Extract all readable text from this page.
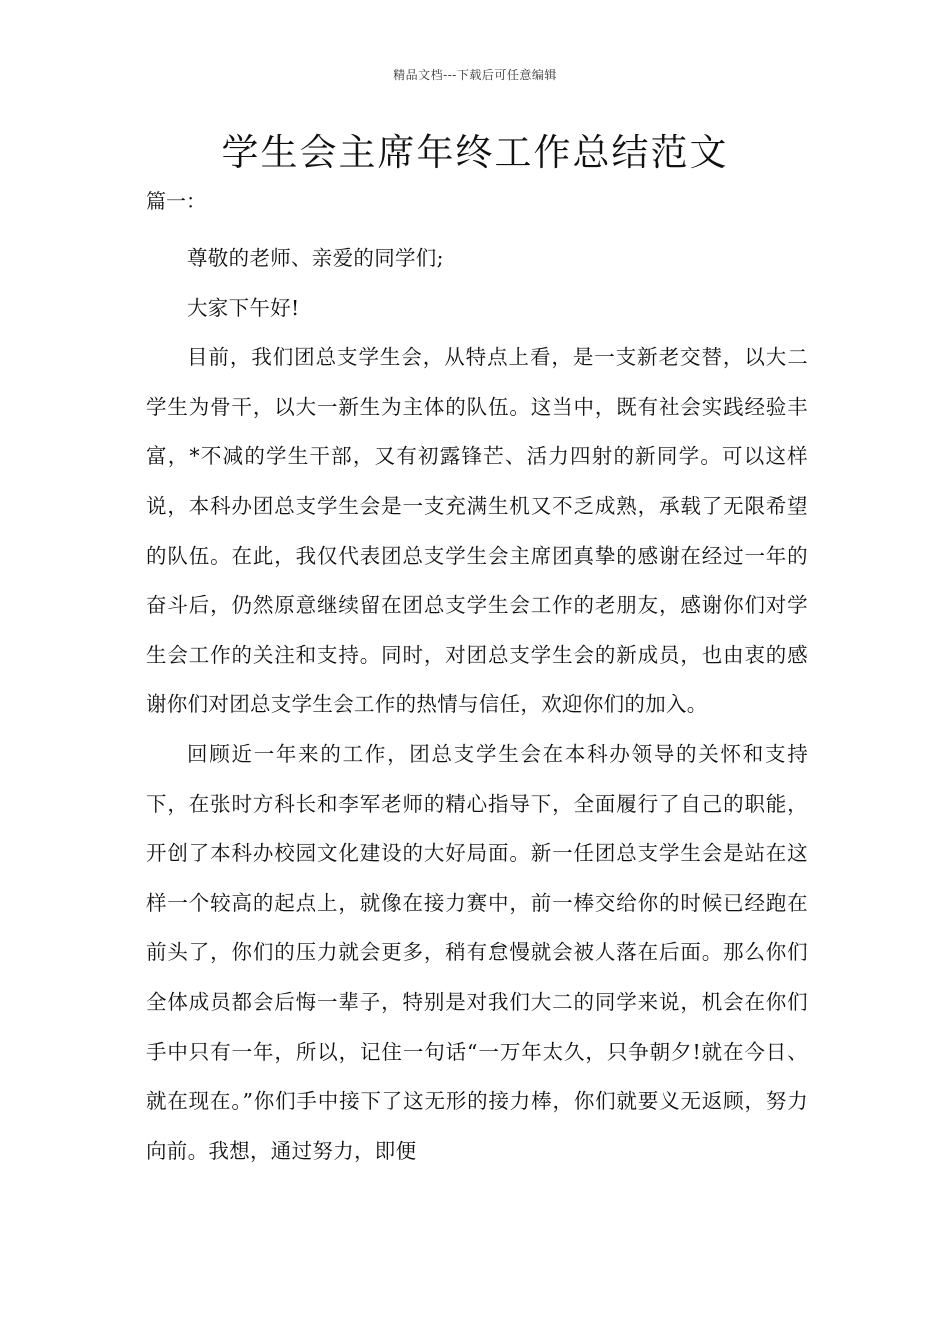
精品文档---下载后可任意编辑
学生会主席年终工作总结范文
篇一：

尊敬的老师、亲爱的同学们;

大家下午好!

目前，我们团总支学生会，从特点上看，是一支新老交替，以大二学生为骨干，以大一新生为主体的队伍。这当中，既有社会实践经验丰富，*不减的学生干部，又有初露锋芒、活力四射的新同学。可以这样说，本科办团总支学生会是一支充满生机又不乏成熟，承载了无限希望的队伍。在此，我仅代表团总支学生会主席团真挚的感谢在经过一年的奋斗后，仍然原意继续留在团总支学生会工作的老朋友，感谢你们对学生会工作的关注和支持。同时，对团总支学生会的新成员，也由衷的感谢你们对团总支学生会工作的热情与信任，欢迎你们的加入。

回顾近一年来的工作，团总支学生会在本科办领导的关怀和支持下，在张时方科长和李军老师的精心指导下，全面履行了自己的职能，开创了本科办校园文化建设的大好局面。新一任团总支学生会是站在这样一个较高的起点上，就像在接力赛中，前一棒交给你的时候已经跑在前头了，你们的压力就会更多，稍有怠慢就会被人落在后面。那么你们全体成员都会后悔一辈子，特别是对我们大二的同学来说，机会在你们手中只有一年，所以，记住一句话“一万年太久，只争朝夕!就在今日、就在现在。”你们手中接下了这无形的接力棒，你们就要义无返顾，努力向前。我想，通过努力，即便
